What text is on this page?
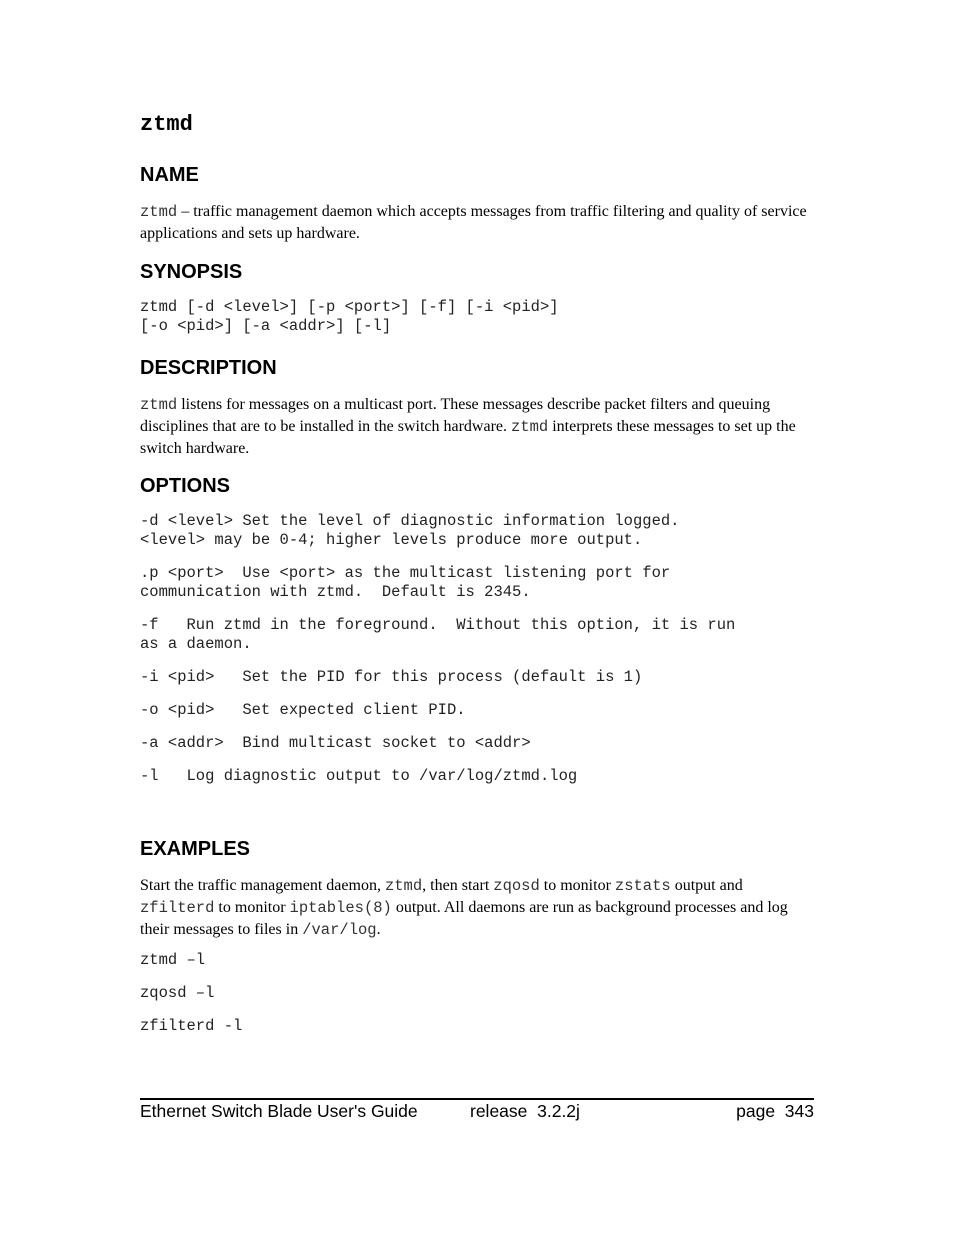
ztmd
NAME

ztmd – traffic management daemon which accepts messages from traffic filtering and quality of service applications and sets up hardware.

SYNOPSIS
ztmd [-d <level>] [-p <port>] [-f] [-i <pid>]
[-o <pid>] [-a <addr>] [-l]
DESCRIPTION

ztmd listens for messages on a multicast port. These messages describe packet filters and queuing disciplines that are to be installed in the switch hardware. ztmd interprets these messages to set up the switch hardware.

OPTIONS
-d <level> Set the level of diagnostic information logged.
<level> may be 0-4; higher levels produce more output.
.p <port>  Use <port> as the multicast listening port for
communication with ztmd.  Default is 2345.
-f   Run ztmd in the foreground.  Without this option, it is run
as a daemon.
-i <pid>   Set the PID for this process (default is 1)
-o <pid>   Set expected client PID.
-a <addr>  Bind multicast socket to <addr>
-l   Log diagnostic output to /var/log/ztmd.log
EXAMPLES

Start the traffic management daemon, ztmd, then start zqosd to monitor zstats output and zfilterd to monitor iptables(8) output. All daemons are run as background processes and log their messages to files in /var/log.

ztmd –l
zqosd –l
zfilterd -l
Ethernet Switch Blade User's Guide	release  3.2.2j	page  343
